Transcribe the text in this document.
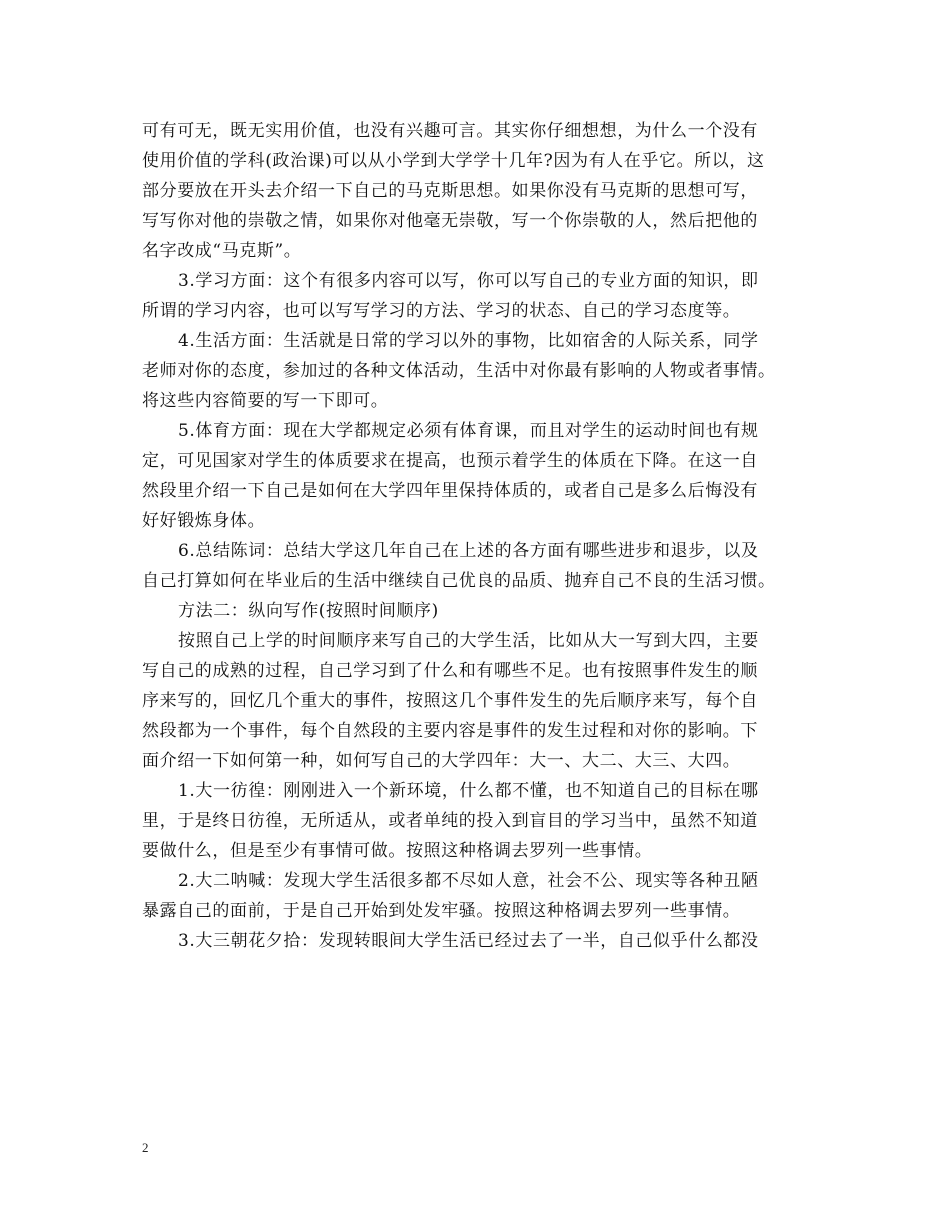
可有可无，既无实用价值，也没有兴趣可言。其实你仔细想想，为什么一个没有
使用价值的学科(政治课)可以从小学到大学学十几年?因为有人在乎它。所以，这
部分要放在开头去介绍一下自己的马克斯思想。如果你没有马克斯的思想可写，
写写你对他的崇敬之情，如果你对他毫无崇敬，写一个你崇敬的人，然后把他的
名字改成“马克斯”。
3.学习方面：这个有很多内容可以写，你可以写自己的专业方面的知识，即
所谓的学习内容，也可以写写学习的方法、学习的状态、自己的学习态度等。
4.生活方面：生活就是日常的学习以外的事物，比如宿舍的人际关系，同学
老师对你的态度，参加过的各种文体活动，生活中对你最有影响的人物或者事情。
将这些内容简要的写一下即可。
5.体育方面：现在大学都规定必须有体育课，而且对学生的运动时间也有规
定，可见国家对学生的体质要求在提高，也预示着学生的体质在下降。在这一自
然段里介绍一下自己是如何在大学四年里保持体质的，或者自己是多么后悔没有
好好锻炼身体。
6.总结陈词：总结大学这几年自己在上述的各方面有哪些进步和退步，以及
自己打算如何在毕业后的生活中继续自己优良的品质、抛弃自己不良的生活习惯。
方法二：纵向写作(按照时间顺序)
按照自己上学的时间顺序来写自己的大学生活，比如从大一写到大四，主要
写自己的成熟的过程，自己学习到了什么和有哪些不足。也有按照事件发生的顺
序来写的，回忆几个重大的事件，按照这几个事件发生的先后顺序来写，每个自
然段都为一个事件，每个自然段的主要内容是事件的发生过程和对你的影响。下
面介绍一下如何第一种，如何写自己的大学四年：大一、大二、大三、大四。
1.大一彷徨：刚刚进入一个新环境，什么都不懂，也不知道自己的目标在哪
里，于是终日彷徨，无所适从，或者单纯的投入到盲目的学习当中，虽然不知道
要做什么，但是至少有事情可做。按照这种格调去罗列一些事情。
2.大二呐喊：发现大学生活很多都不尽如人意，社会不公、现实等各种丑陋
暴露自己的面前，于是自己开始到处发牢骚。按照这种格调去罗列一些事情。
3.大三朝花夕拾：发现转眼间大学生活已经过去了一半，自己似乎什么都没
2
